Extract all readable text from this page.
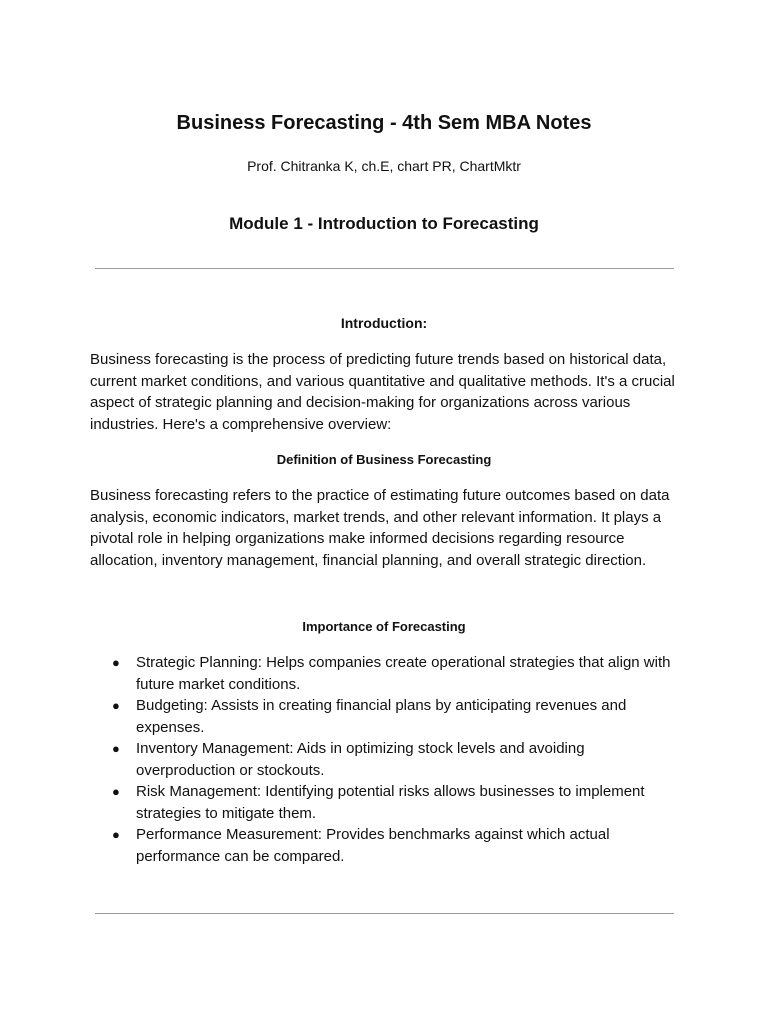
Business Forecasting - 4th Sem MBA Notes

Prof. Chitranka K, ch.E, chart PR, ChartMktr

Module 1 - Introduction to Forecasting
Introduction:

Business forecasting is the process of predicting future trends based on historical data, current market conditions, and various quantitative and qualitative methods. It's a crucial aspect of strategic planning and decision-making for organizations across various industries. Here's a comprehensive overview:

Definition of Business Forecasting

Business forecasting refers to the practice of estimating future outcomes based on data analysis, economic indicators, market trends, and other relevant information. It plays a pivotal role in helping organizations make informed decisions regarding resource allocation, inventory management, financial planning, and overall strategic direction.

Importance of Forecasting
● Strategic Planning: Helps companies create operational strategies that align with future market conditions.
● Budgeting: Assists in creating financial plans by anticipating revenues and expenses.
● Inventory Management: Aids in optimizing stock levels and avoiding overproduction or stockouts.
● Risk Management: Identifying potential risks allows businesses to implement strategies to mitigate them.
● Performance Measurement: Provides benchmarks against which actual performance can be compared.
